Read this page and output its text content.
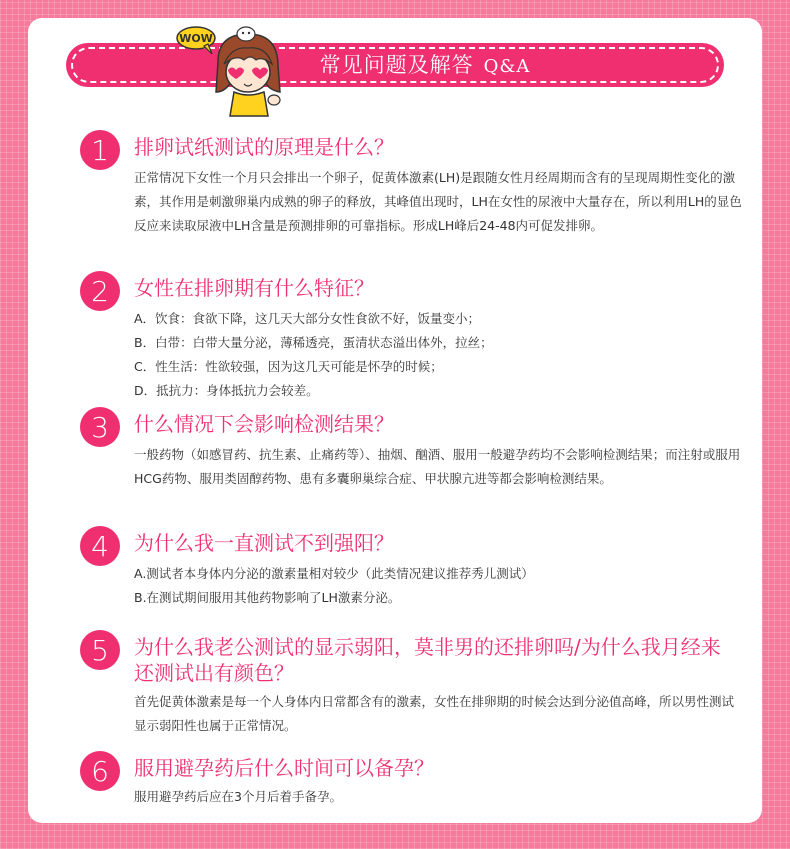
常见问题及解答 Q&A
WOW
1	排卵试纸测试的原理是什么？

正常情况下女性一个月只会排出一个卵子，促黄体激素(LH)是跟随女性月经周期而含有的呈现周期性变化的激素，其作用是刺激卵巢内成熟的卵子的释放，其峰值出现时，LH在女性的尿液中大量存在，所以利用LH的显色反应来读取尿液中LH含量是预测排卵的可靠指标。形成LH峰后24-48内可促发排卵。

2	女性在排卵期有什么特征？

A．饮食：食欲下降，这几天大部分女性食欲不好，饭量变小；

B．白带：白带大量分泌，薄稀透亮，蛋清状态溢出体外，拉丝；

C．性生活：性欲较强，因为这几天可能是怀孕的时候；

D．抵抗力：身体抵抗力会较差。

3	什么情况下会影响检测结果？

一般药物（如感冒药、抗生素、止痛药等）、抽烟、酗酒、服用一般避孕药均不会影响检测结果；而注射或服用HCG药物、服用类固醇药物、患有多囊卵巢综合症、甲状腺亢进等都会影响检测结果。

4	为什么我一直测试不到强阳？

A.测试者本身体内分泌的激素量相对较少（此类情况建议推荐秀儿测试）

B.在测试期间服用其他药物影响了LH激素分泌。

5	为什么我老公测试的显示弱阳，莫非男的还排卵吗/为什么我月经来还测试出有颜色？

首先促黄体激素是每一个人身体内日常都含有的激素，女性在排卵期的时候会达到分泌值高峰，所以男性测试显示弱阳性也属于正常情况。

6	服用避孕药后什么时间可以备孕？

服用避孕药后应在3个月后着手备孕。
